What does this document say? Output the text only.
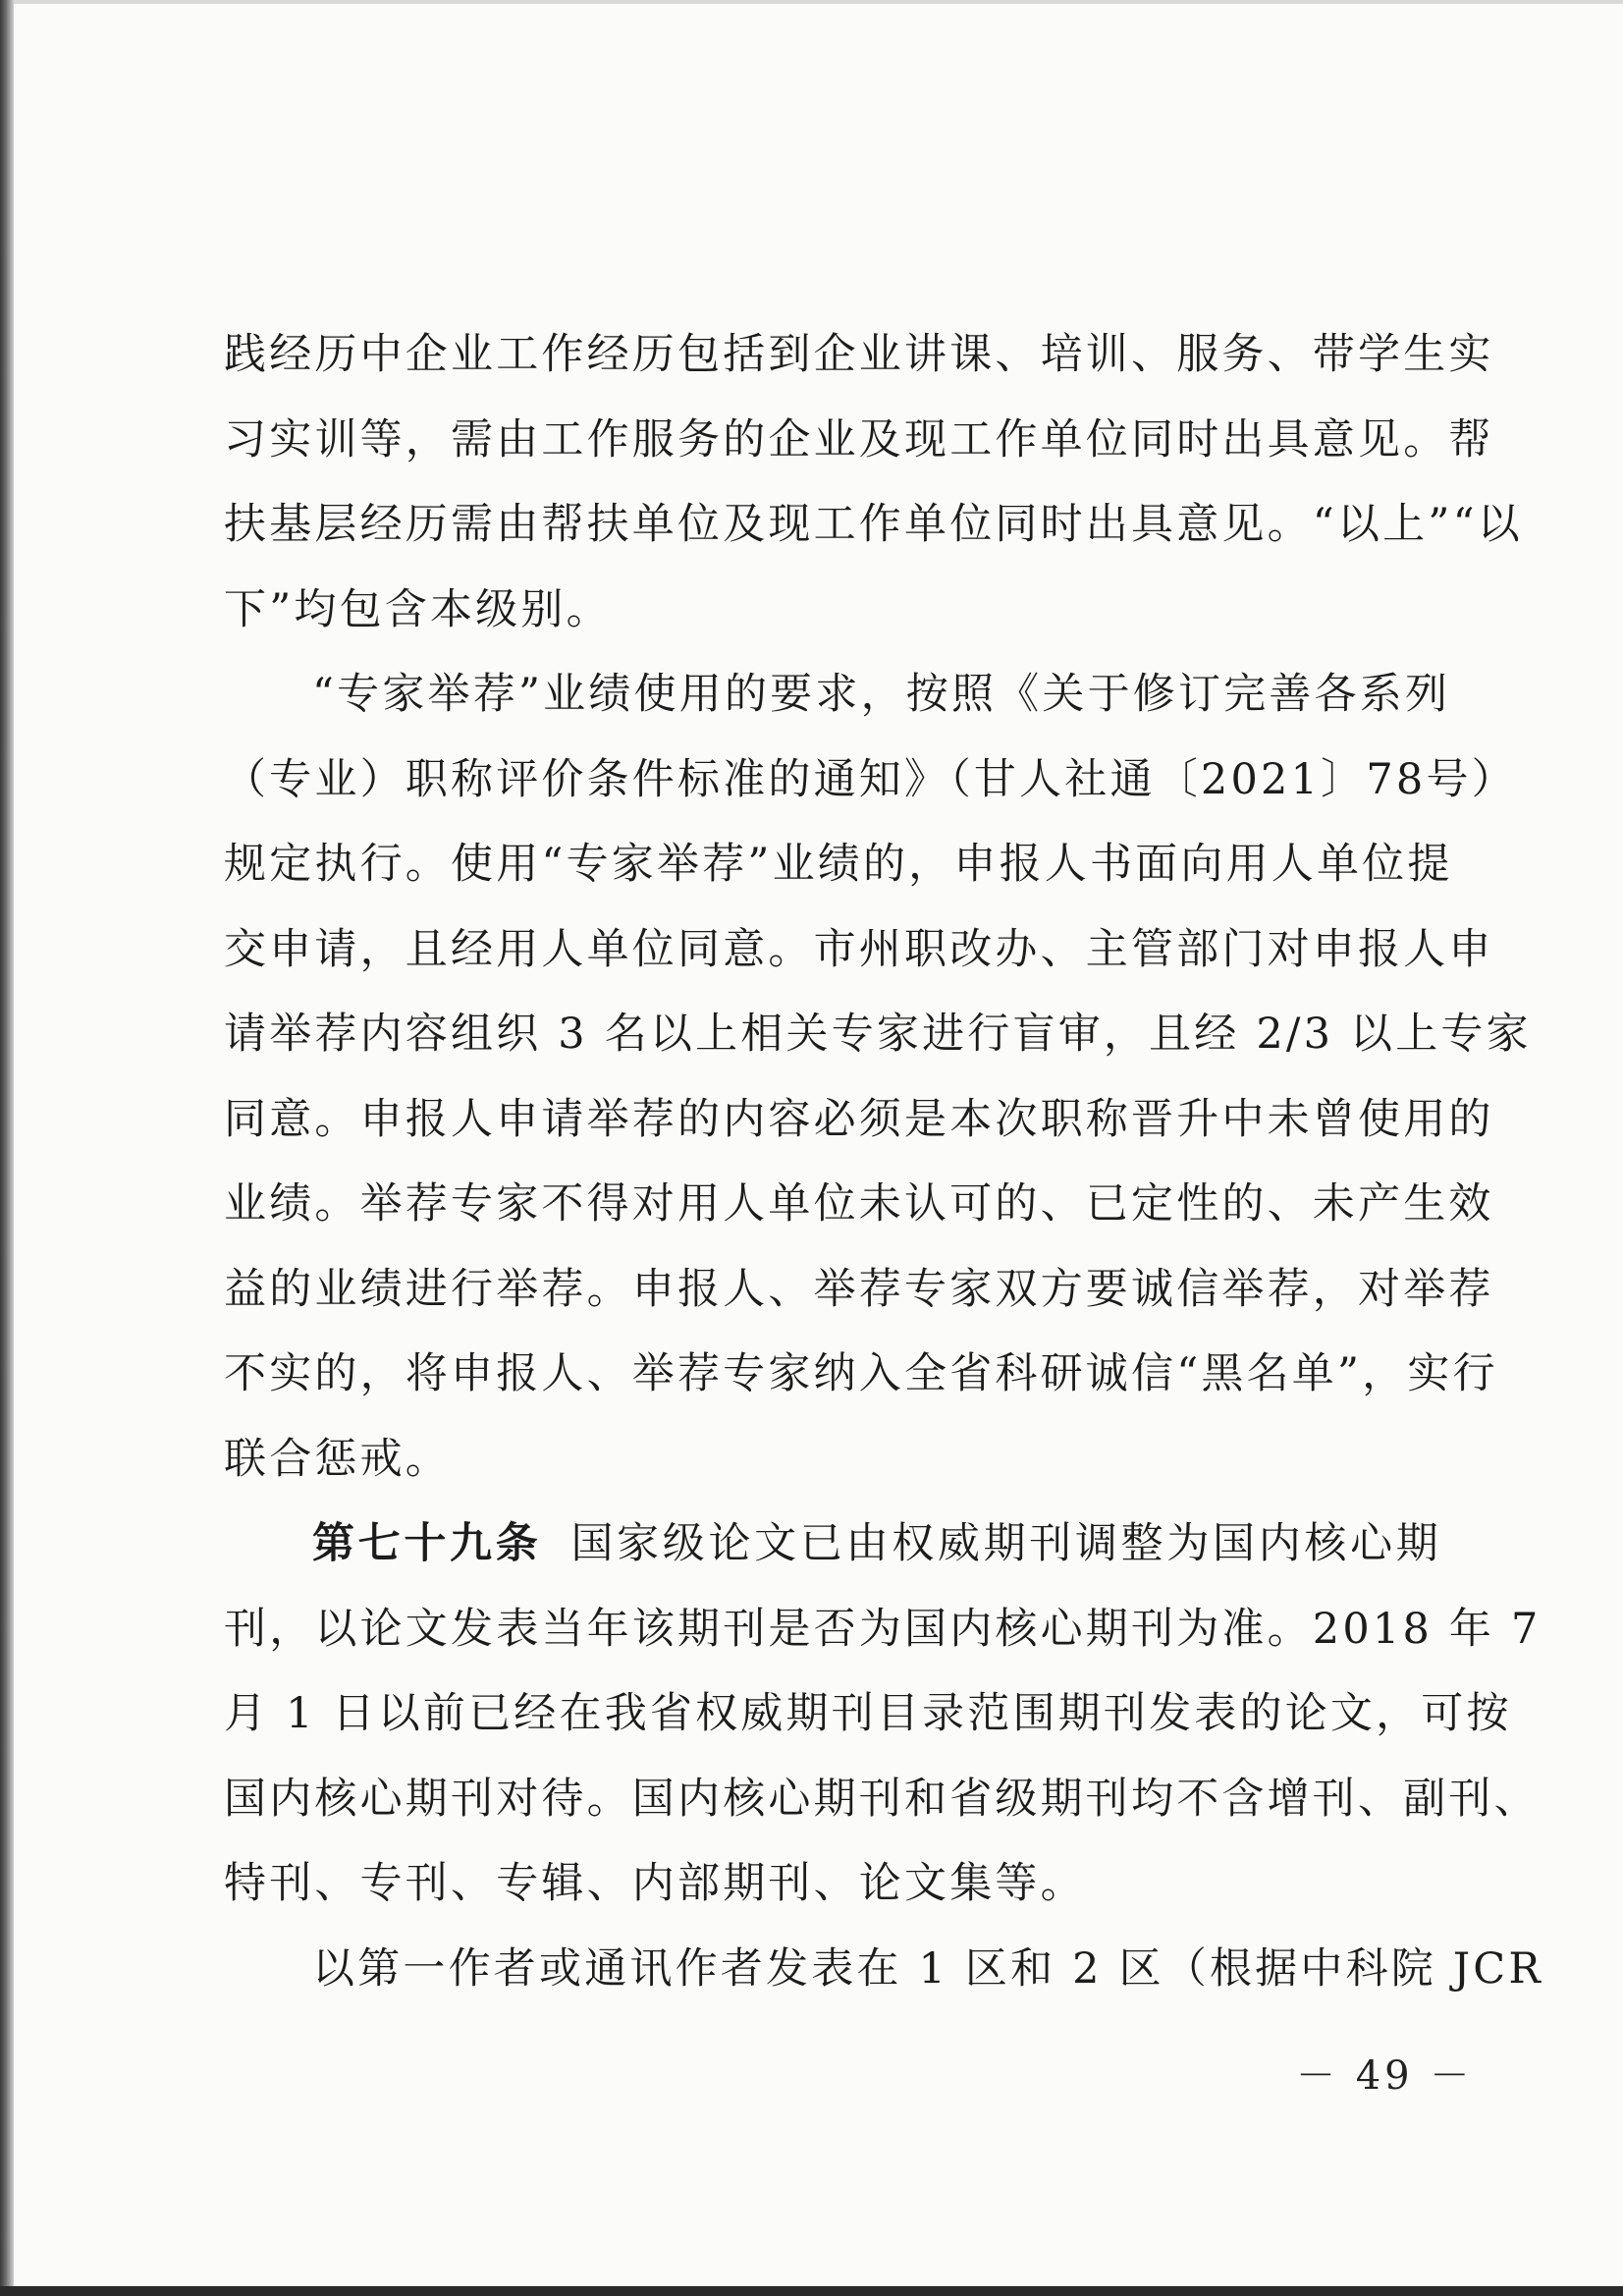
践经历中企业工作经历包括到企业讲课、培训、服务、带学生实

习实训等，需由工作服务的企业及现工作单位同时出具意见。帮

扶基层经历需由帮扶单位及现工作单位同时出具意见。“以上”“以

下”均包含本级别。

“专家举荐”业绩使用的要求，按照《关于修订完善各系列

（专业）职称评价条件标准的通知》（甘人社通〔2021〕78号）

规定执行。使用“专家举荐”业绩的，申报人书面向用人单位提

交申请，且经用人单位同意。市州职改办、主管部门对申报人申

请举荐内容组织 3 名以上相关专家进行盲审，且经 2/3 以上专家

同意。申报人申请举荐的内容必须是本次职称晋升中未曾使用的

业绩。举荐专家不得对用人单位未认可的、已定性的、未产生效

益的业绩进行举荐。申报人、举荐专家双方要诚信举荐，对举荐

不实的，将申报人、举荐专家纳入全省科研诚信“黑名单”，实行

联合惩戒。

第七十九条 国家级论文已由权威期刊调整为国内核心期

刊，以论文发表当年该期刊是否为国内核心期刊为准。2018 年 7

月 1 日以前已经在我省权威期刊目录范围期刊发表的论文，可按

国内核心期刊对待。国内核心期刊和省级期刊均不含增刊、副刊、

特刊、专刊、专辑、内部期刊、论文集等。

以第一作者或通讯作者发表在 1 区和 2 区（根据中科院 JCR

－ 49 －
